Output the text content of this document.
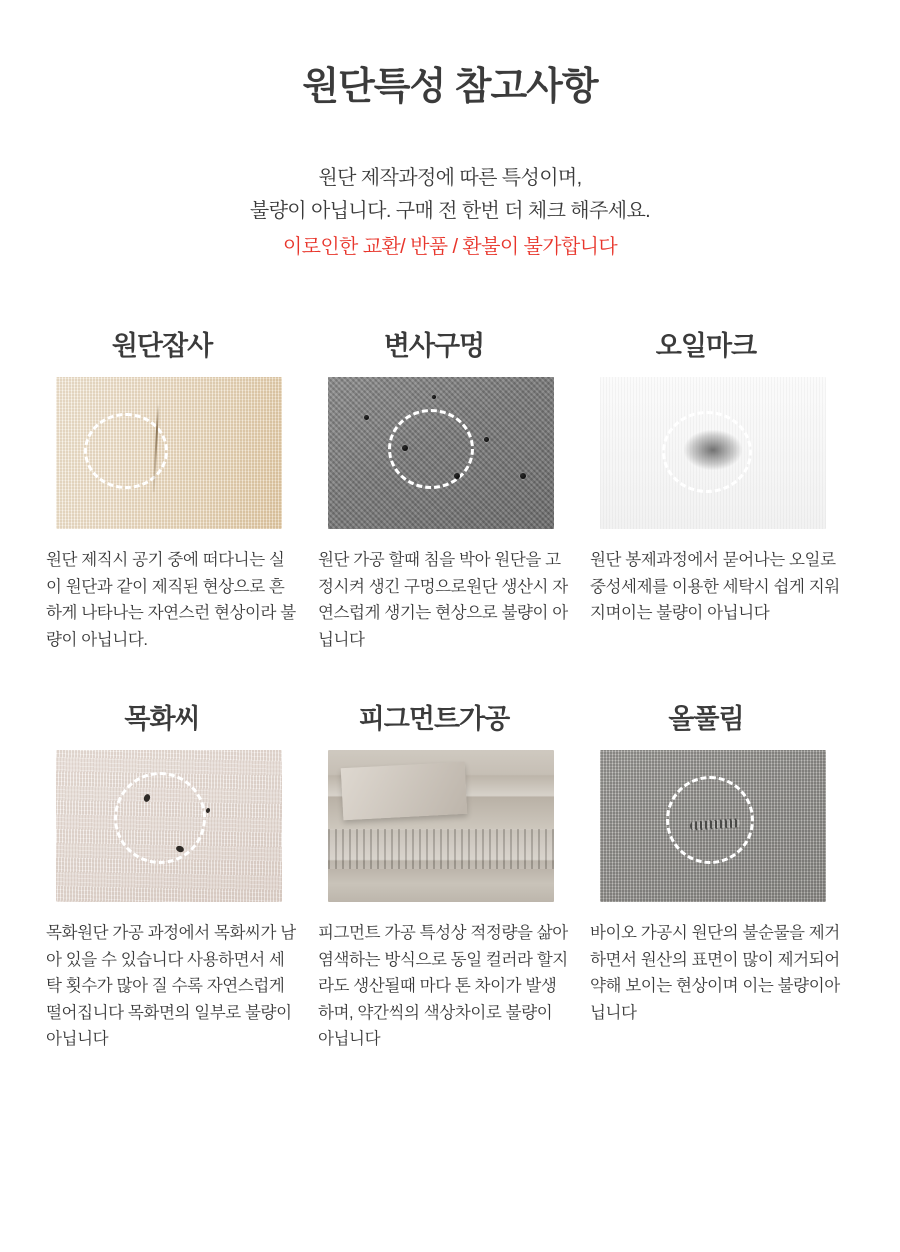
원단특성 참고사항
원단 제작과정에 따른 특성이며,
불량이 아닙니다. 구매 전 한번 더 체크 해주세요.
이로인한 교환/ 반품 / 환불이 불가합니다
원단잡사
원단 제직시 공기 중에 떠다니는 실이 원단과 같이 제직된 현상으로 흔하게 나타나는 자연스런 현상이라 불량이 아닙니다.
변사구멍
원단 가공 할때 침을 박아 원단을 고정시켜 생긴 구멍으로원단 생산시 자연스럽게 생기는 현상으로 불량이 아닙니다
오일마크
원단 봉제과정에서 묻어나는 오일로 중성세제를 이용한 세탁시 쉽게 지워지며이는 불량이 아닙니다
목화씨
목화원단 가공 과정에서 목화씨가 남아 있을 수 있습니다 사용하면서 세탁 횟수가 많아 질 수록 자연스럽게 떨어집니다 목화면의 일부로 불량이 아닙니다
피그먼트가공
피그먼트 가공 특성상 적정량을 삶아 염색하는 방식으로 동일 컬러라 할지라도 생산될때 마다 톤 차이가 발생하며, 약간씩의 색상차이로 불량이 아닙니다
올풀림
바이오 가공시 원단의 불순물을 제거하면서 원산의 표면이 많이 제거되어 약해 보이는 현상이며 이는 불량이아닙니다
